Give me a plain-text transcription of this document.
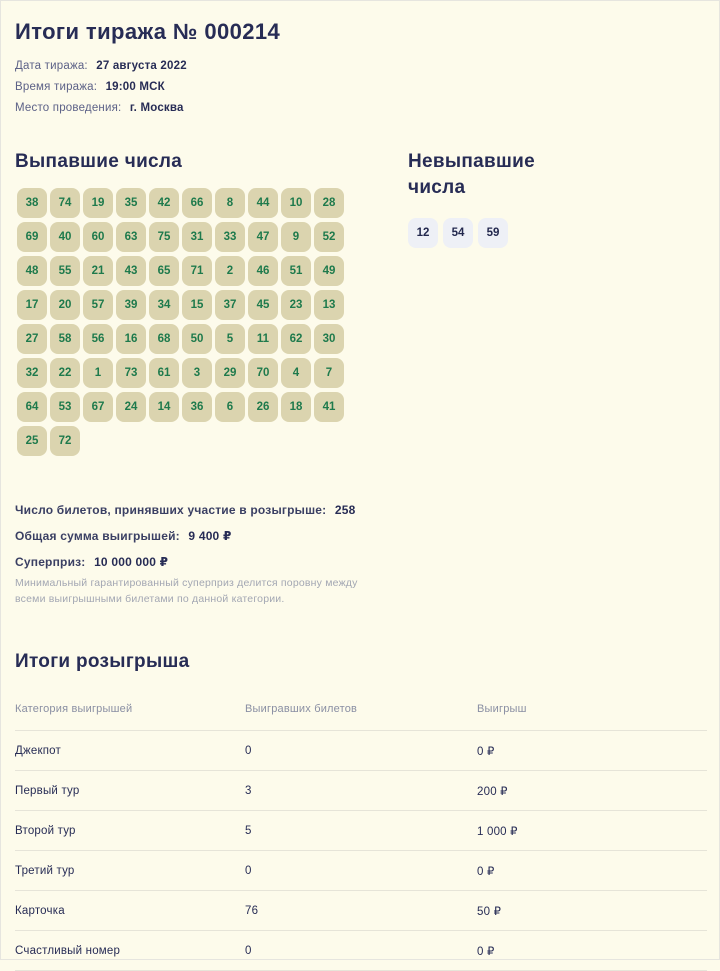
Итоги тиража № 000214
Дата тиража: 27 августа 2022
Время тиража: 19:00 МСК
Место проведения: г. Москва
Выпавшие числа
38	74	19	35	42	66	8	44	10	28
69	40	60	63	75	31	33	47	9	52
48	55	21	43	65	71	2	46	51	49
17	20	57	39	34	15	37	45	23	13
27	58	56	16	68	50	5	11	62	30
32	22	1	73	61	3	29	70	4	7
64	53	67	24	14	36	6	26	18	41
25	72
Невыпавшие числа
12	54	59
Число билетов, принявших участие в розыгрыше: 258
Общая сумма выигрышей: 9 400 ₽
Суперприз: 10 000 000 ₽
Минимальный гарантированный суперприз делится поровну между всеми выигрышными билетами по данной категории.
Итоги розыгрыша
Категория выигрышей	Выигравших билетов	Выигрыш
Джекпот	0	0 ₽
Первый тур	3	200 ₽
Второй тур	5	1 000 ₽
Третий тур	0	0 ₽
Карточка	76	50 ₽
Счастливый номер	0	0 ₽
